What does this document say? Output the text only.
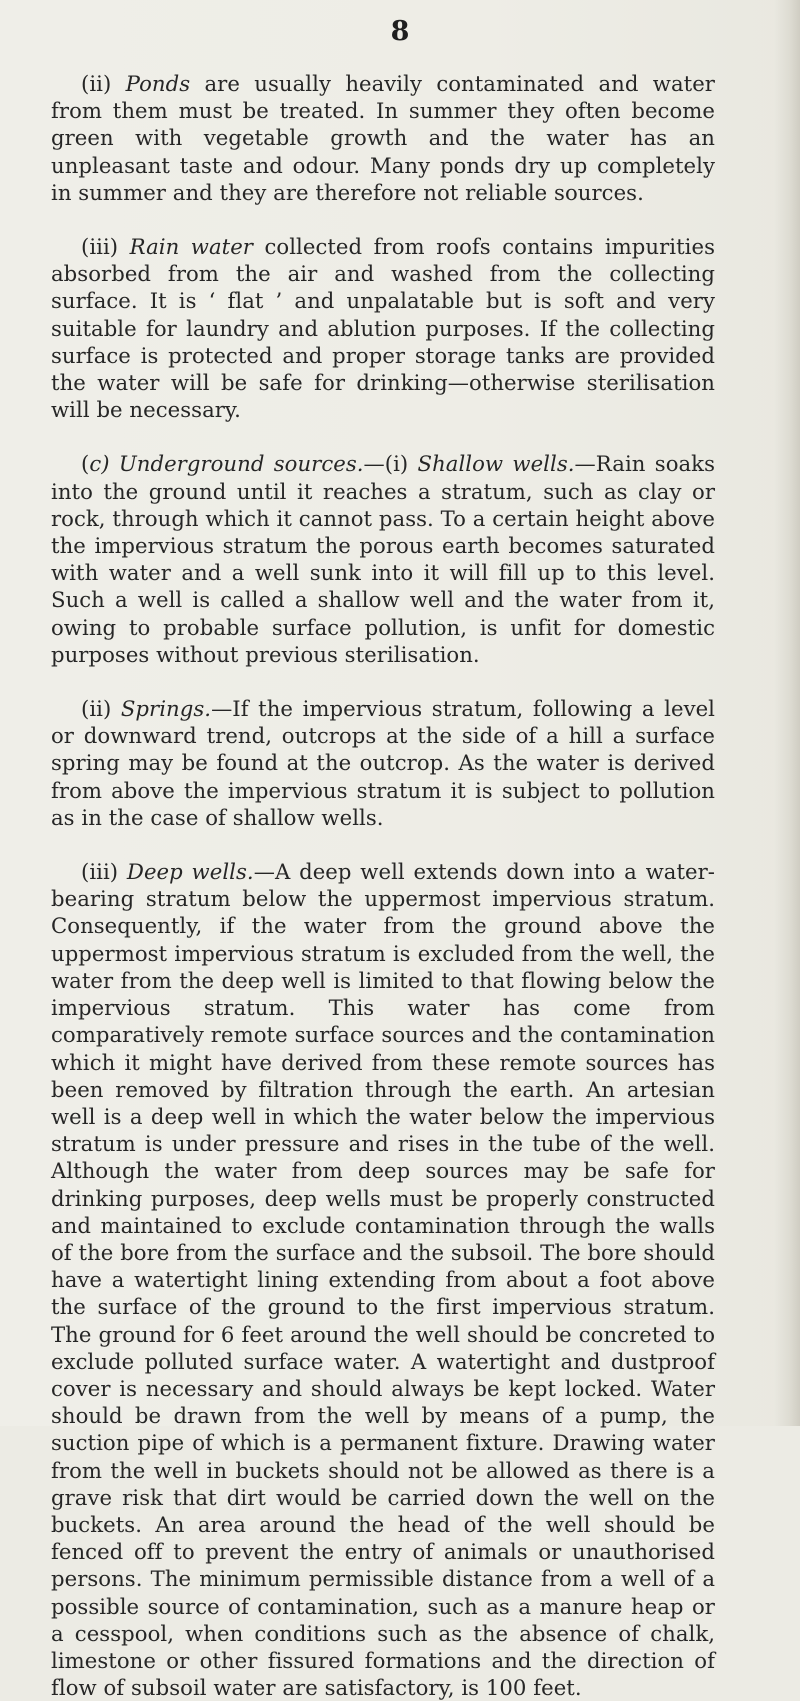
8

(ii) Ponds are usually heavily contaminated and water from them must be treated. In summer they often become green with vegetable growth and the water has an unpleasant taste and odour. Many ponds dry up completely in summer and they are therefore not reliable sources.

(iii) Rain water collected from roofs contains impurities absorbed from the air and washed from the collecting surface. It is ‘ flat ’ and unpalatable but is soft and very suitable for laundry and ablution purposes. If the collecting surface is protected and proper storage tanks are provided the water will be safe for drinking—otherwise sterilisation will be necessary.

(c) Underground sources.—(i) Shallow wells.—Rain soaks into the ground until it reaches a stratum, such as clay or rock, through which it cannot pass. To a certain height above the impervious stratum the porous earth becomes saturated with water and a well sunk into it will fill up to this level. Such a well is called a shallow well and the water from it, owing to probable surface pollution, is unfit for domestic purposes without previous sterilisation.

(ii) Springs.—If the impervious stratum, following a level or downward trend, outcrops at the side of a hill a surface spring may be found at the outcrop. As the water is derived from above the impervious stratum it is subject to pollution as in the case of shallow wells.

(iii) Deep wells.—A deep well extends down into a water-bearing stratum below the uppermost impervious stratum. Consequently, if the water from the ground above the uppermost impervious stratum is excluded from the well, the water from the deep well is limited to that flowing below the impervious stratum. This water has come from comparatively remote surface sources and the contamination which it might have derived from these remote sources has been removed by filtration through the earth. An artesian well is a deep well in which the water below the impervious stratum is under pressure and rises in the tube of the well. Although the water from deep sources may be safe for drinking purposes, deep wells must be properly constructed and maintained to exclude contamination through the walls of the bore from the surface and the subsoil. The bore should have a watertight lining extending from about a foot above the surface of the ground to the first impervious stratum. The ground for 6 feet around the well should be concreted to exclude polluted surface water. A watertight and dustproof cover is necessary and should always be kept locked. Water should be drawn from the well by means of a pump, the suction pipe of which is a permanent fixture. Drawing water from the well in buckets should not be allowed as there is a grave risk that dirt would be carried down the well on the buckets. An area around the head of the well should be fenced off to prevent the entry of animals or unauthorised persons. The minimum permissible distance from a well of a possible source of contamination, such as a manure heap or a cesspool, when conditions such as the absence of chalk, limestone or other fissured formations and the direction of flow of subsoil water are satisfactory, is 100 feet.
